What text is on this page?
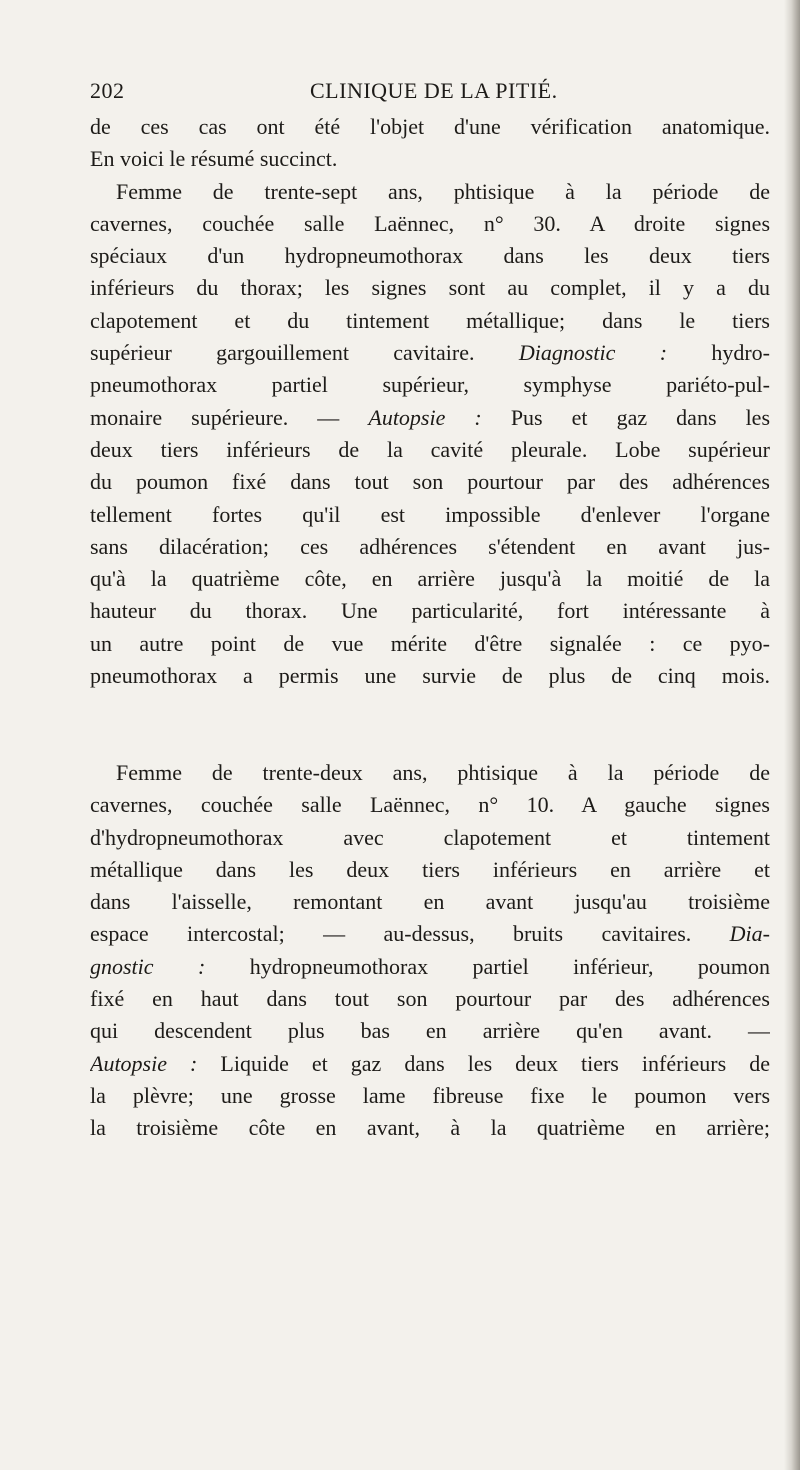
202	CLINIQUE DE LA PITIÉ.
de ces cas ont été l'objet d'une vérification anatomique.
En voici le résumé succinct.
Femme de trente-sept ans, phtisique à la période de
cavernes, couchée salle Laënnec, n° 30. A droite signes
spéciaux d'un hydropneumothorax dans les deux tiers
inférieurs du thorax; les signes sont au complet, il y a du
clapotement et du tintement métallique; dans le tiers
supérieur gargouillement cavitaire. Diagnostic : hydro-
pneumothorax partiel supérieur, symphyse pariéto-pul-
monaire supérieure. — Autopsie : Pus et gaz dans les
deux tiers inférieurs de la cavité pleurale. Lobe supérieur
du poumon fixé dans tout son pourtour par des adhérences
tellement fortes qu'il est impossible d'enlever l'organe
sans dilacération; ces adhérences s'étendent en avant jus-
qu'à la quatrième côte, en arrière jusqu'à la moitié de la
hauteur du thorax. Une particularité, fort intéressante à
un autre point de vue mérite d'être signalée : ce pyo-
pneumothorax a permis une survie de plus de cinq mois.
Femme de trente-deux ans, phtisique à la période de
cavernes, couchée salle Laënnec, n° 10. A gauche signes
d'hydropneumothorax avec clapotement et tintement
métallique dans les deux tiers inférieurs en arrière et
dans l'aisselle, remontant en avant jusqu'au troisième
espace intercostal; — au-dessus, bruits cavitaires. Dia-
gnostic : hydropneumothorax partiel inférieur, poumon
fixé en haut dans tout son pourtour par des adhérences
qui descendent plus bas en arrière qu'en avant. —
Autopsie : Liquide et gaz dans les deux tiers inférieurs de
la plèvre; une grosse lame fibreuse fixe le poumon vers
la troisième côte en avant, à la quatrième en arrière;
